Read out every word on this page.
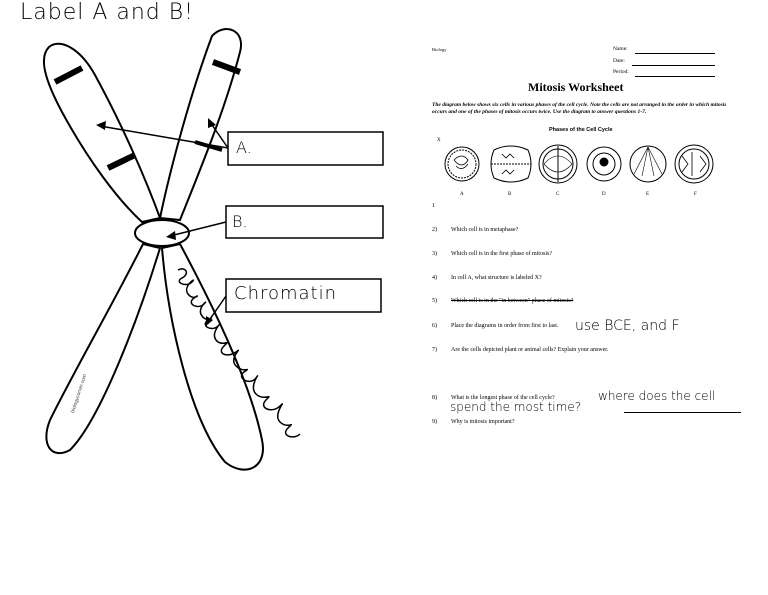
Label A and B!
A.
B.
Chromatin
biologycorner.com
Biology	Name:
Date:
Period:
Mitosis Worksheet
The diagram below shows six cells in various phases of the cell cycle. Note the cells are not arranged in the order in which mitosis occurs and one of the phases of mitosis occurs twice. Use the diagram to answer questions 1-7.
Phases of the Cell Cycle
X
A	B	C	D	E	F
1
2) Which cell is in metaphase?
3) Which cell is in the first phase of mitosis?
4) In cell A, what structure is labeled X?
5) Which cell is in the "in between" phase of mitosis?
6) Place the diagrams in order from first to last. use BCE, and F
7) Are the cells depicted plant or animal cells? Explain your answer.
8) What is the longest phase of the cell cycle?	where does the cell
spend the most time?
9) Why is mitosis important?
